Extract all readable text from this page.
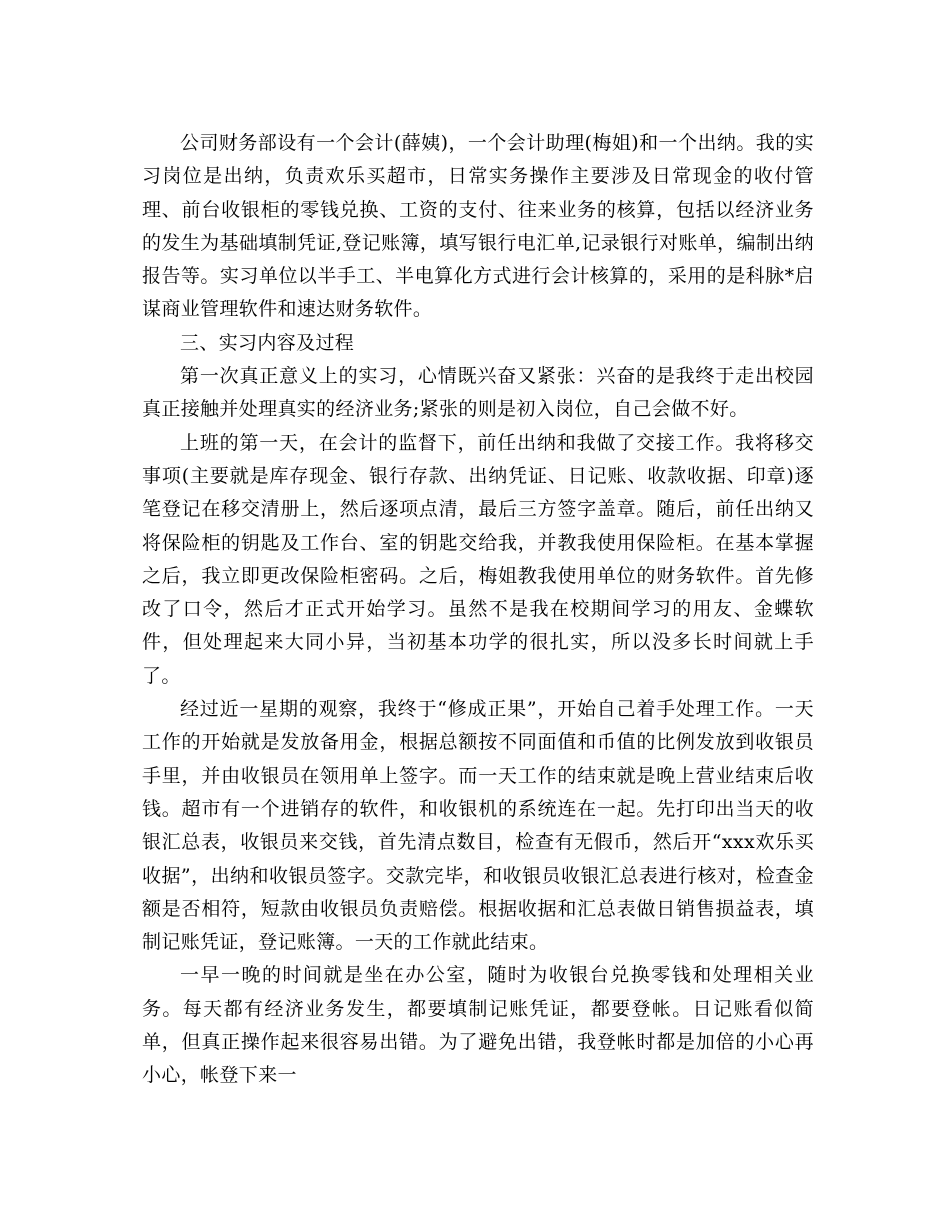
公司财务部设有一个会计(薛姨)，一个会计助理(梅姐)和一个出纳。我的实习岗位是出纳，负责欢乐买超市，日常实务操作主要涉及日常现金的收付管理、前台收银柜的零钱兑换、工资的支付、往来业务的核算，包括以经济业务的发生为基础填制凭证,登记账簿，填写银行电汇单,记录银行对账单，编制出纳报告等。实习单位以半手工、半电算化方式进行会计核算的，采用的是科脉*启谋商业管理软件和速达财务软件。

三、实习内容及过程

第一次真正意义上的实习，心情既兴奋又紧张：兴奋的是我终于走出校园真正接触并处理真实的经济业务;紧张的则是初入岗位，自己会做不好。

上班的第一天，在会计的监督下，前任出纳和我做了交接工作。我将移交事项(主要就是库存现金、银行存款、出纳凭证、日记账、收款收据、印章)逐笔登记在移交清册上，然后逐项点清，最后三方签字盖章。随后，前任出纳又将保险柜的钥匙及工作台、室的钥匙交给我，并教我使用保险柜。在基本掌握之后，我立即更改保险柜密码。之后，梅姐教我使用单位的财务软件。首先修改了口令，然后才正式开始学习。虽然不是我在校期间学习的用友、金蝶软件，但处理起来大同小异，当初基本功学的很扎实，所以没多长时间就上手了。

经过近一星期的观察，我终于“修成正果”，开始自己着手处理工作。一天工作的开始就是发放备用金，根据总额按不同面值和币值的比例发放到收银员手里，并由收银员在领用单上签字。而一天工作的结束就是晚上营业结束后收钱。超市有一个进销存的软件，和收银机的系统连在一起。先打印出当天的收银汇总表，收银员来交钱，首先清点数目，检查有无假币，然后开“xxx欢乐买收据”，出纳和收银员签字。交款完毕，和收银员收银汇总表进行核对，检查金额是否相符，短款由收银员负责赔偿。根据收据和汇总表做日销售损益表，填制记账凭证，登记账簿。一天的工作就此结束。

一早一晚的时间就是坐在办公室，随时为收银台兑换零钱和处理相关业务。每天都有经济业务发生，都要填制记账凭证，都要登帐。日记账看似简单，但真正操作起来很容易出错。为了避免出错，我登帐时都是加倍的小心再小心，帐登下来一
